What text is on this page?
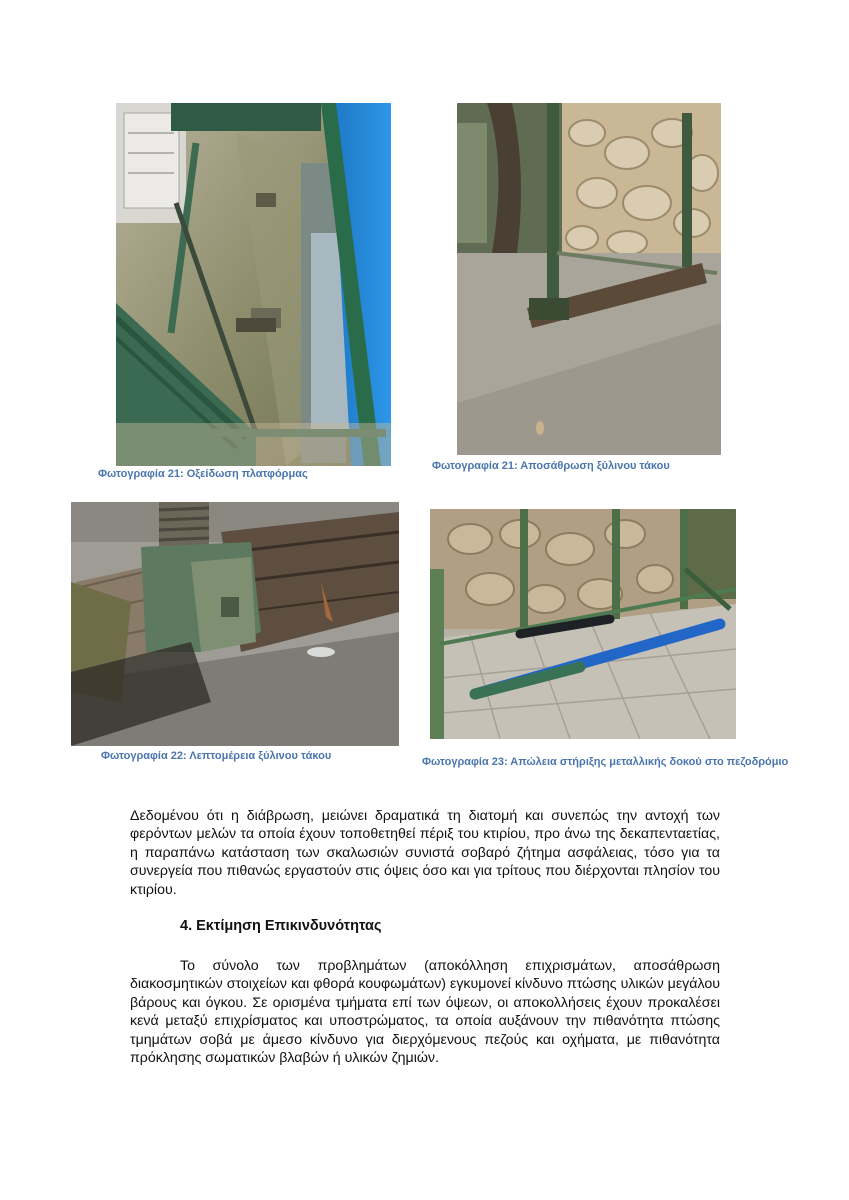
Φωτογραφία 21: Οξείδωση πλατφόρμας
Φωτογραφία 21: Αποσάθρωση ξύλινου τάκου
Φωτογραφία 22: Λεπτομέρεια ξύλινου τάκου	Φωτογραφία 23: Απώλεια στήριξης μεταλλικής δοκού στο πεζοδρόμιο
Δεδομένου ότι η διάβρωση, μειώνει δραματικά τη διατομή και συνεπώς την αντοχή των φερόντων μελών τα οποία έχουν τοποθετηθεί πέριξ του κτιρίου, προ άνω της δεκαπενταετίας, η παραπάνω κατάσταση των σκαλωσιών συνιστά σοβαρό ζήτημα ασφάλειας, τόσο για τα συνεργεία που πιθανώς εργαστούν στις όψεις όσο και για τρίτους που διέρχονται πλησίον του κτιρίου.
4. Εκτίμηση Επικινδυνότητας
Το σύνολο των προβλημάτων (αποκόλληση επιχρισμάτων, αποσάθρωση διακοσμητικών στοιχείων και φθορά κουφωμάτων) εγκυμονεί κίνδυνο πτώσης υλικών μεγάλου βάρους και όγκου. Σε ορισμένα τμήματα επί των όψεων, οι αποκολλήσεις έχουν προκαλέσει κενά μεταξύ επιχρίσματος και υποστρώματος, τα οποία αυξάνουν την πιθανότητα πτώσης τμημάτων σοβά με άμεσο κίνδυνο για διερχόμενους πεζούς και οχήματα, με πιθανότητα πρόκλησης σωματικών βλαβών ή υλικών ζημιών.
